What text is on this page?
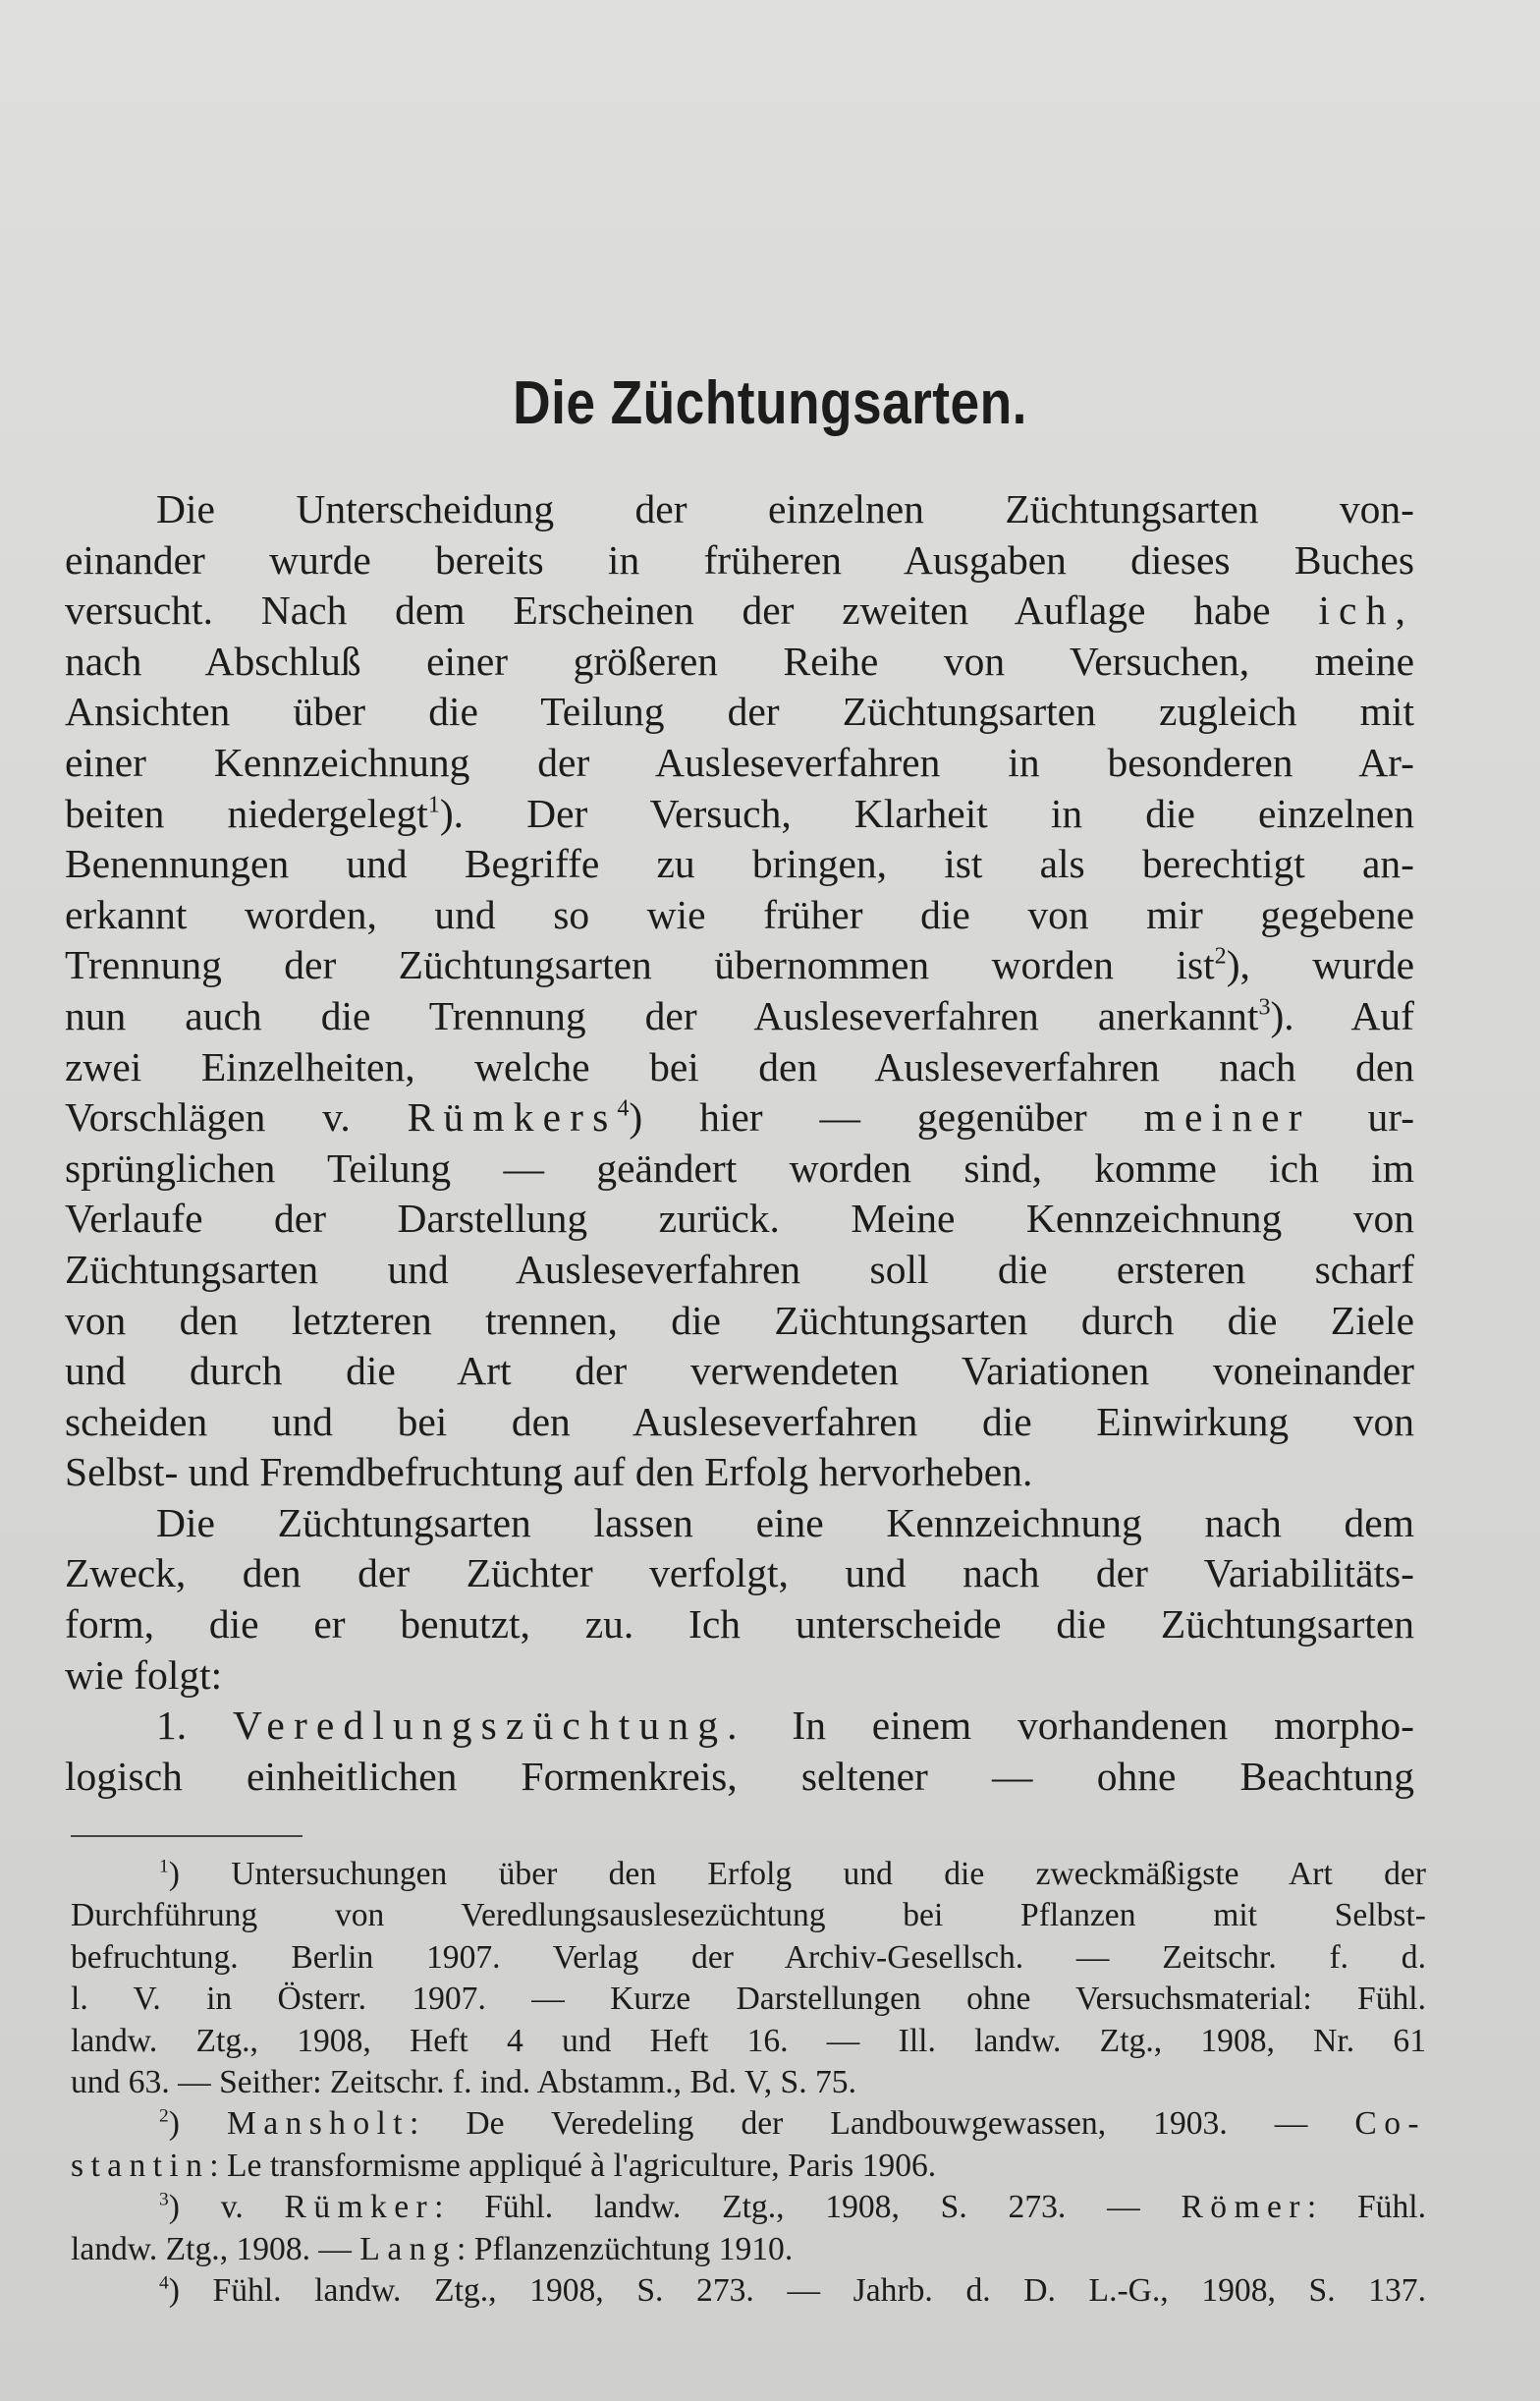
Die Züchtungsarten.
Die Unterscheidung der einzelnen Züchtungsarten von-
einander wurde bereits in früheren Ausgaben dieses Buches
versucht. Nach dem Erscheinen der zweiten Auflage habe ich,
nach Abschluß einer größeren Reihe von Versuchen, meine
Ansichten über die Teilung der Züchtungsarten zugleich mit
einer Kennzeichnung der Ausleseverfahren in besonderen Ar-
beiten niedergelegt$^1$). Der Versuch, Klarheit in die einzelnen
Benennungen und Begriffe zu bringen, ist als berechtigt an-
erkannt worden, und so wie früher die von mir gegebene
Trennung der Züchtungsarten übernommen worden ist$^2$), wurde
nun auch die Trennung der Ausleseverfahren anerkannt$^3$). Auf
zwei Einzelheiten, welche bei den Ausleseverfahren nach den
Vorschlägen v. Rümkers$^4$) hier — gegenüber meiner ur-
sprünglichen Teilung — geändert worden sind, komme ich im
Verlaufe der Darstellung zurück. Meine Kennzeichnung von
Züchtungsarten und Ausleseverfahren soll die ersteren scharf
von den letzteren trennen, die Züchtungsarten durch die Ziele
und durch die Art der verwendeten Variationen voneinander
scheiden und bei den Ausleseverfahren die Einwirkung von
Selbst- und Fremdbefruchtung auf den Erfolg hervorheben.
Die Züchtungsarten lassen eine Kennzeichnung nach dem
Zweck, den der Züchter verfolgt, und nach der Variabilitäts-
form, die er benutzt, zu. Ich unterscheide die Züchtungsarten
wie folgt:
1. Veredlungszüchtung. In einem vorhandenen morpho-
logisch einheitlichen Formenkreis, seltener — ohne Beachtung
$^1$) Untersuchungen über den Erfolg und die zweckmäßigste Art der
Durchführung von Veredlungsauslesezüchtung bei Pflanzen mit Selbst-
befruchtung. Berlin 1907. Verlag der Archiv-Gesellsch. — Zeitschr. f. d.
l. V. in Österr. 1907. — Kurze Darstellungen ohne Versuchsmaterial: Fühl.
landw. Ztg., 1908, Heft 4 und Heft 16. — Ill. landw. Ztg., 1908, Nr. 61
und 63. — Seither: Zeitschr. f. ind. Abstamm., Bd. V, S. 75.
$^2$) Mansholt: De Veredeling der Landbouwgewassen, 1903. — Co-
stantin: Le transformisme appliqué à l'agriculture, Paris 1906.
$^3$) v. Rümker: Fühl. landw. Ztg., 1908, S. 273. — Römer: Fühl.
landw. Ztg., 1908. — Lang: Pflanzenzüchtung 1910.
$^4$) Fühl. landw. Ztg., 1908, S. 273. — Jahrb. d. D. L.-G., 1908, S. 137.
